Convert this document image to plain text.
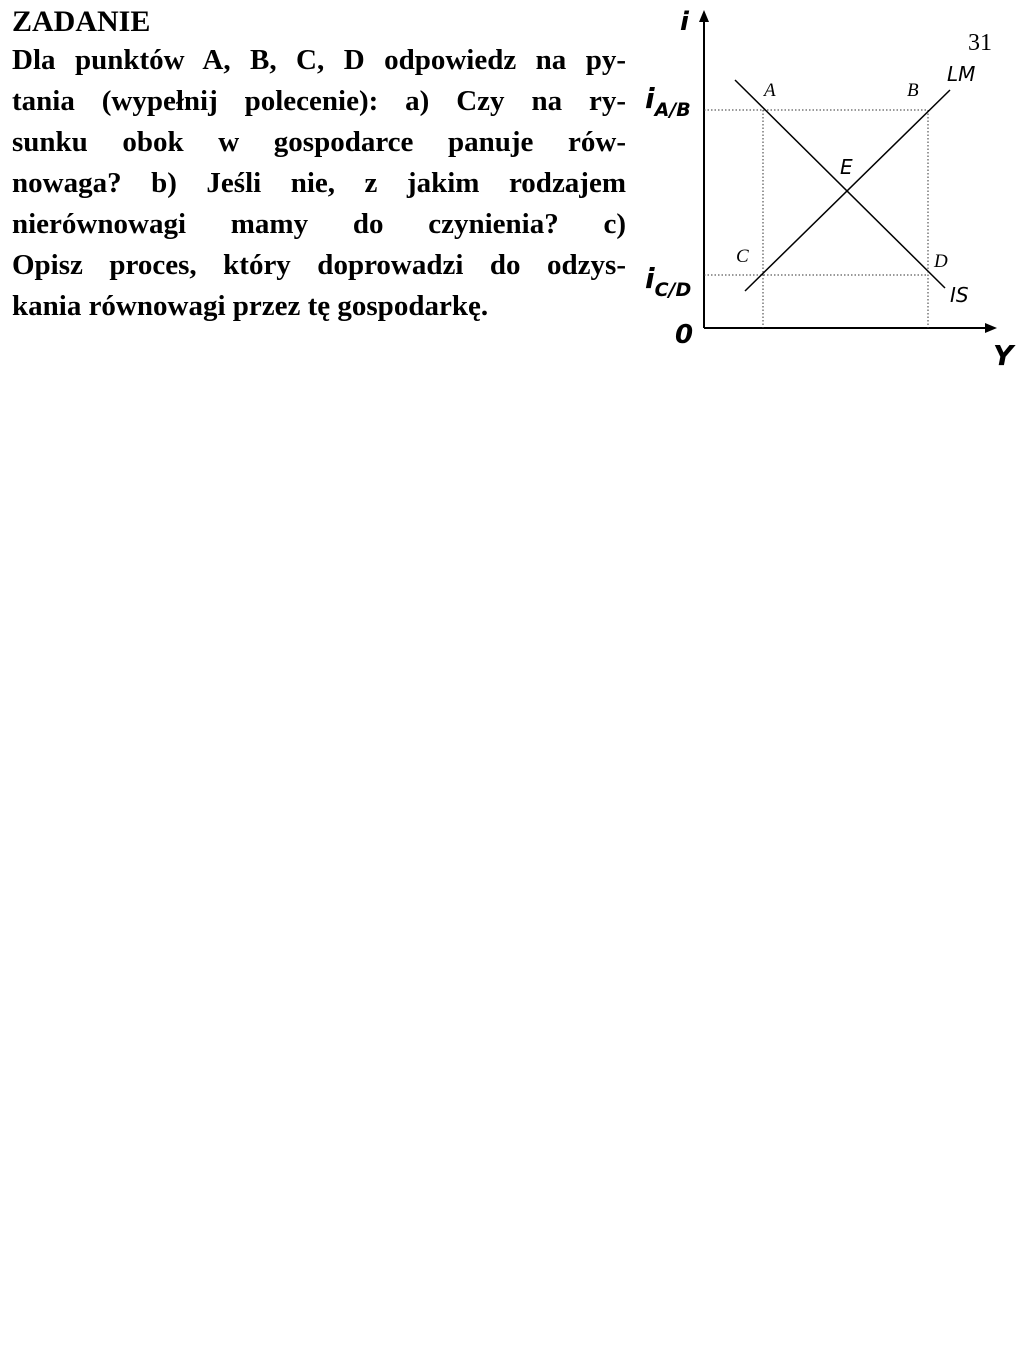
31
ZADANIE
Dla punktów A, B, C, D odpowiedz na py-
tania (wypełnij polecenie): a) Czy na ry-
sunku obok w gospodarce panuje rów-
nowaga? b) Jeśli nie, z jakim rodzajem
nierównowagi mamy do czynienia? c)
Opisz proces, który doprowadzi do odzys-
kania równowagi przez tę gospodarkę.
i
Y
0
iA/B
iC/D
LM
IS
A	B
C	D
E
